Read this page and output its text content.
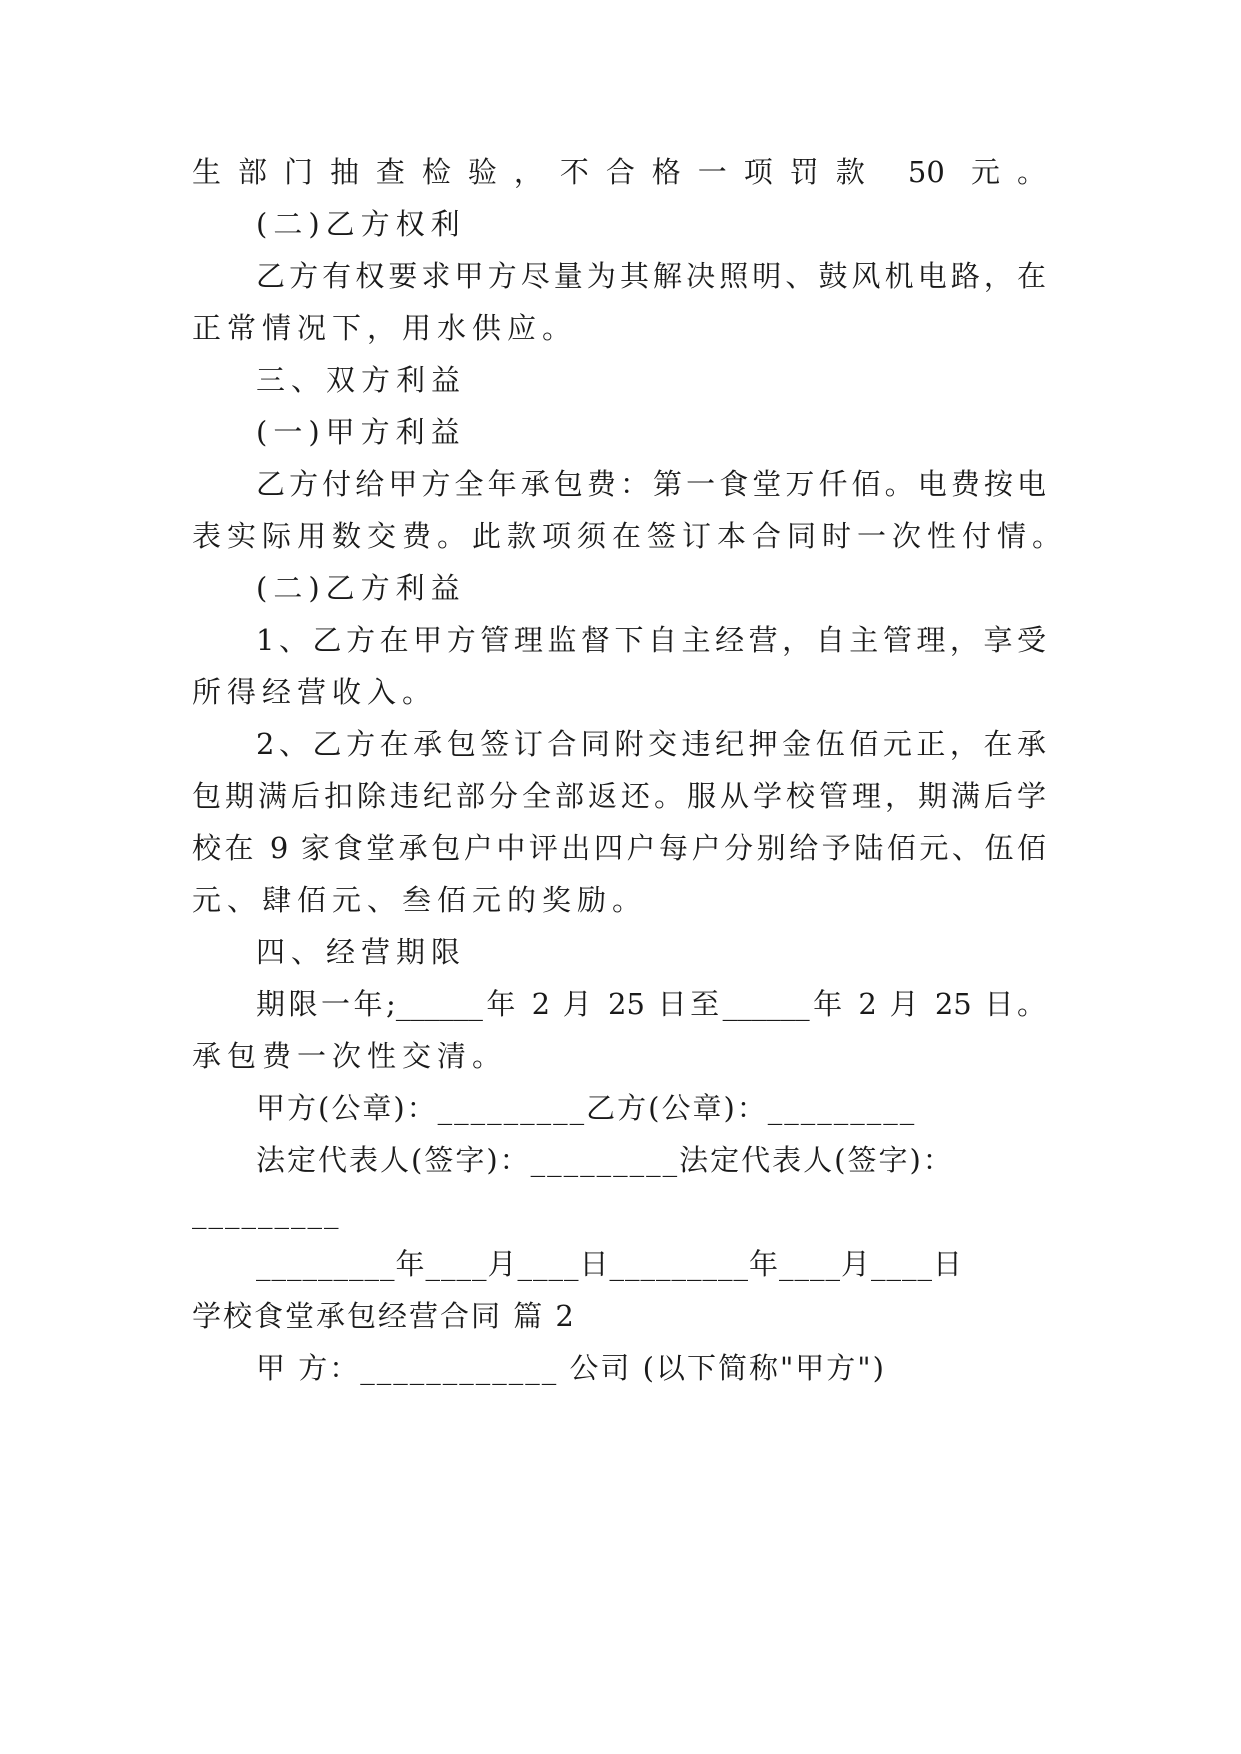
生部门抽查检验，不合格一项罚款 50 元。
(二)乙方权利
乙方有权要求甲方尽量为其解决照明、鼓风机电路，在
正常情况下，用水供应。
三、双方利益
(一)甲方利益
乙方付给甲方全年承包费：第一食堂万仟佰。电费按电
表实际用数交费。此款项须在签订本合同时一次性付情。
(二)乙方利益
1、乙方在甲方管理监督下自主经营，自主管理，享受
所得经营收入。
2、乙方在承包签订合同附交违纪押金伍佰元正，在承
包期满后扣除违纪部分全部返还。服从学校管理，期满后学
校在 9 家食堂承包户中评出四户每户分别给予陆佰元、伍佰
元、肆佰元、叁佰元的奖励。
四、经营期限
期限一年;______年 2 月 25 日至______年 2 月 25 日。
承包费一次性交清。
甲方(公章)：_________乙方(公章)：_________
法定代表人(签字)：_________法定代表人(签字)：
_________
_________年____月____日_________年____月____日
学校食堂承包经营合同 篇 2
甲 方：____________ 公司 (以下简称"甲方")
